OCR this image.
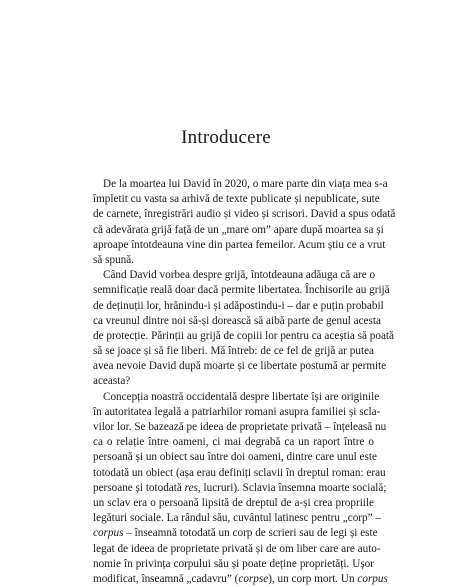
Introducere
De la moartea lui David în 2020, o mare parte din viața mea s-a
împletit cu vasta sa arhivă de texte publicate și nepublicate, sute
de carnete, înregistrări audio și video și scrisori. David a spus odată
că adevărata grijă față de un „mare om” apare după moartea sa și
aproape întotdeauna vine din partea femeilor. Acum știu ce a vrut
să spună.
Când David vorbea despre grijă, întotdeauna adăuga că are o
semnificație reală doar dacă permite libertatea. Închisorile au grijă
de deținuții lor, hrănindu-i și adăpostindu-i – dar e puțin probabil
ca vreunul dintre noi să-și dorească să aibă parte de genul acesta
de protecție. Părinții au grijă de copiii lor pentru ca aceștia să poată
să se joace și să fie liberi. Mă întreb: de ce fel de grijă ar putea
avea nevoie David după moarte și ce libertate postumă ar permite
aceasta?
Concepția noastră occidentală despre libertate își are originile
în autoritatea legală a patriarhilor romani asupra familiei și scla-
vilor lor. Se bazează pe ideea de proprietate privată – înțeleasă nu
ca o relație între oameni, ci mai degrabă ca un raport între o
persoană și un obiect sau între doi oameni, dintre care unul este
totodată un obiect (așa erau definiți sclavii în dreptul roman: erau
persoane și totodată res, lucruri). Sclavia însemna moarte socială;
un sclav era o persoană lipsită de dreptul de a-și crea propriile
legături sociale. La rândul său, cuvântul latinesc pentru „corp” –
corpus – înseamnă totodată un corp de scrieri sau de legi și este
legat de ideea de proprietate privată și de om liber care are auto-
nomie în privința corpului său și poate deține proprietăți. Ușor
modificat, înseamnă „cadavru” (corpse), un corp mort. Un corpus
